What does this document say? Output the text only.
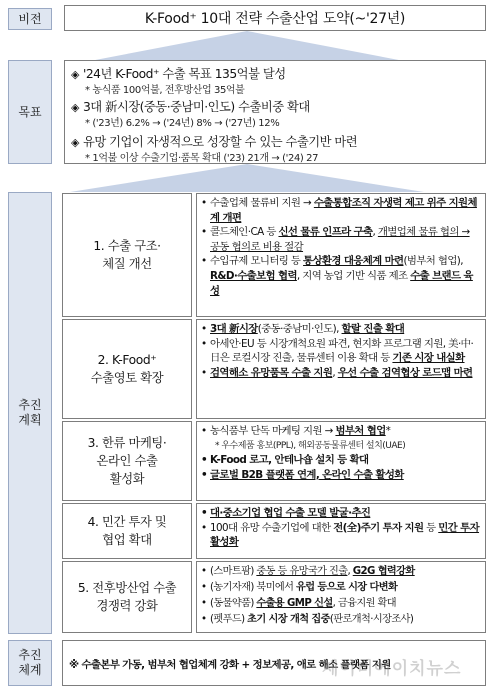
비전	K-Food⁺ 10대 전략 수출산업 도약(~'27년)
목표
◈ '24년 K-Food⁺ 수출 목표 135억불 달성
* 농식품 100억불, 전후방산업 35억불
◈ 3대 新시장(중동·중남미·인도) 수출비중 확대
* ('23년) 6.2% → ('24년) 8% → ('27년) 12%
◈ 유망 기업이 자생적으로 성장할 수 있는 수출기반 마련
* 1억불 이상 수출기업·품목 확대 ('23) 21개 → ('24) 27
추진
계획
1. 수출 구조·
체질 개선
• 수출업체 물류비 지원 → 수출통합조직 자생력 제고 위주 지원체계 개편
• 콜드체인·CA 등 신선 물류 인프라 구축, 개별업체 물류 협의 → 공동 협의로 비용 절감
• 수입규제 모니터링 등 통상환경 대응체계 마련(범부처 협업), R&D·수출보험 협력, 지역 농업 기반 식품 제조 수출 브랜드 육성
2. K-Food⁺
수출영토 확장
• 3대 新시장(중동·중남미·인도), 할랄 진출 확대
• 아세안·EU 등 시장개척요원 파견, 현지화 프로그램 지원, 美·中·日은 로컬시장 진출, 물류센터 이용 확대 등 기존 시장 내실화
• 검역해소 유망품목 수출 지원, 우선 수출 검역협상 로드맵 마련
3. 한류 마케팅·
온라인 수출
활성화
• 농식품부 단독 마케팅 지원 → 범부처 협업*
* 우수제품 홍보(PPL), 해외공동물류센터 설치(UAE)
• K-Food 로고, 안테나숍 설치 등 확대
• 글로벌 B2B 플랫폼 연계, 온라인 수출 활성화
4. 민간 투자 및
협업 확대
• 대·중소기업 협업 수출 모델 발굴·추진
• 100대 유망 수출기업에 대한 전(全)주기 투자 지원 등 민간 투자 활성화
5. 전후방산업 수출
경쟁력 강화
• (스마트팜) 중동 등 유망국가 진출, G2G 협력강화
• (농기자재) 북미에서 유럽 등으로 시장 다변화
• (동물약품) 수출용 GMP 신설, 금융지원 확대
• (펫푸드) 초기 시장 개척 집중(판로개척·시장조사)
추진
체계	※ 수출본부 가동, 범부처 협업체계 강화 + 정보제공, 애로 해소 플랫폼 지원
제이비에이치뉴스
